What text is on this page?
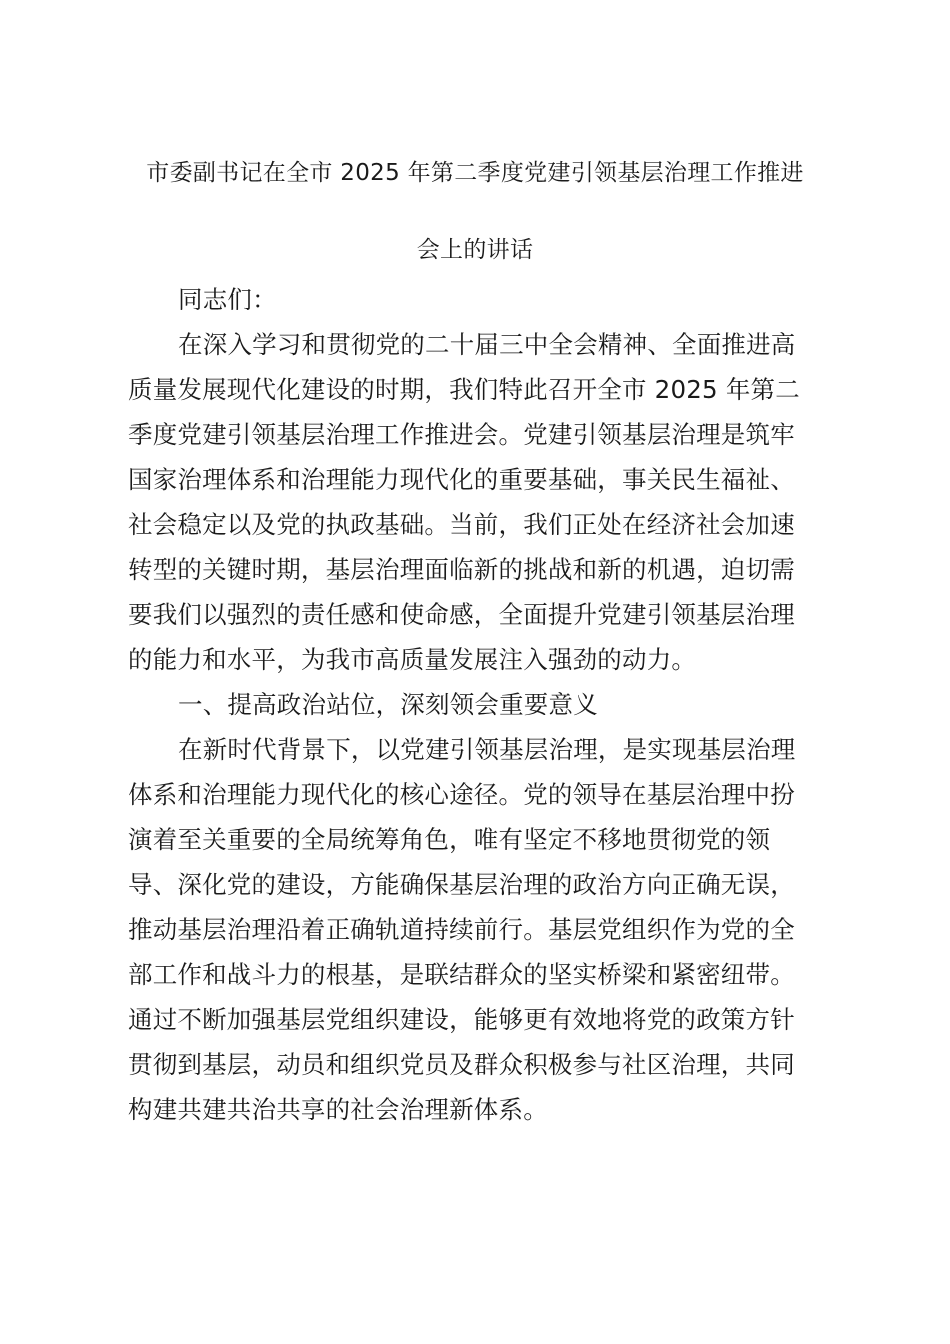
市委副书记在全市 2025 年第二季度党建引领基层治理工作推进
会上的讲话

同志们：

在深入学习和贯彻党的二十届三中全会精神、全面推进高

质量发展现代化建设的时期，我们特此召开全市 2025 年第二

季度党建引领基层治理工作推进会。党建引领基层治理是筑牢

国家治理体系和治理能力现代化的重要基础，事关民生福祉、

社会稳定以及党的执政基础。当前，我们正处在经济社会加速

转型的关键时期，基层治理面临新的挑战和新的机遇，迫切需

要我们以强烈的责任感和使命感，全面提升党建引领基层治理

的能力和水平，为我市高质量发展注入强劲的动力。

一、提高政治站位，深刻领会重要意义

在新时代背景下，以党建引领基层治理，是实现基层治理

体系和治理能力现代化的核心途径。党的领导在基层治理中扮

演着至关重要的全局统筹角色，唯有坚定不移地贯彻党的领

导、深化党的建设，方能确保基层治理的政治方向正确无误，

推动基层治理沿着正确轨道持续前行。基层党组织作为党的全

部工作和战斗力的根基，是联结群众的坚实桥梁和紧密纽带。

通过不断加强基层党组织建设，能够更有效地将党的政策方针

贯彻到基层，动员和组织党员及群众积极参与社区治理，共同

构建共建共治共享的社会治理新体系。
